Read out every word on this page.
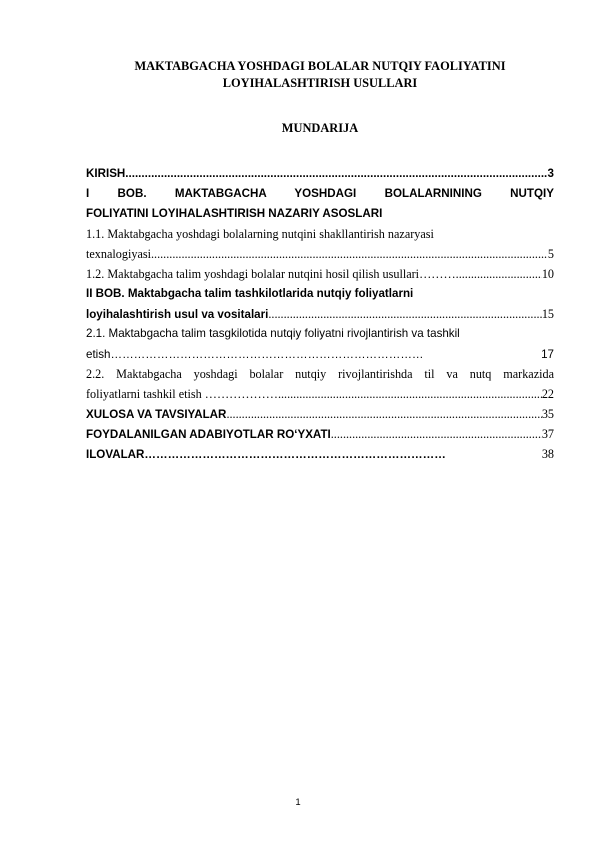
MAKTABGACHA YOSHDAGI BOLALAR NUTQIY FAOLIYATINI
LOYIHALASHTIRISH USULLARI
MUNDARIJA
KIRISH .....	3
I BOB. MAKTABGACHA YOSHDAGI BOLALARNINING NUTQIY
FOLIYATINI LOYIHALASHTIRISH NAZARIY ASOSLARI
1.1. Maktabgacha yoshdagi bolalarning nutqini shakllantirish nazaryasi
texnalogiyasi .....	5
1.2. Maktabgacha talim yoshdagi bolalar nutqini hosil qilish usullari……… .....	10
II BOB. Maktabgacha talim tashkilotlarida nutqiy foliyatlarni
loyihalashtirish usul va vositalari .....	15
2.1. Maktabgacha talim tasgkilotida nutqiy foliyatni rivojlantirish va tashkil
etish………………………………………………………………………	17
2.2. Maktabgacha yoshdagi bolalar nutqiy rivojlantirishda til va nutq markazida
foliyatlarni tashkil etish ……………… .....	22
XULOSA VA TAVSIYALAR .....	35
FOYDALANILGAN ADABIYOTLAR RO‘YXATI .....	37
ILOVALAR……………………………………………………………………	38
1
